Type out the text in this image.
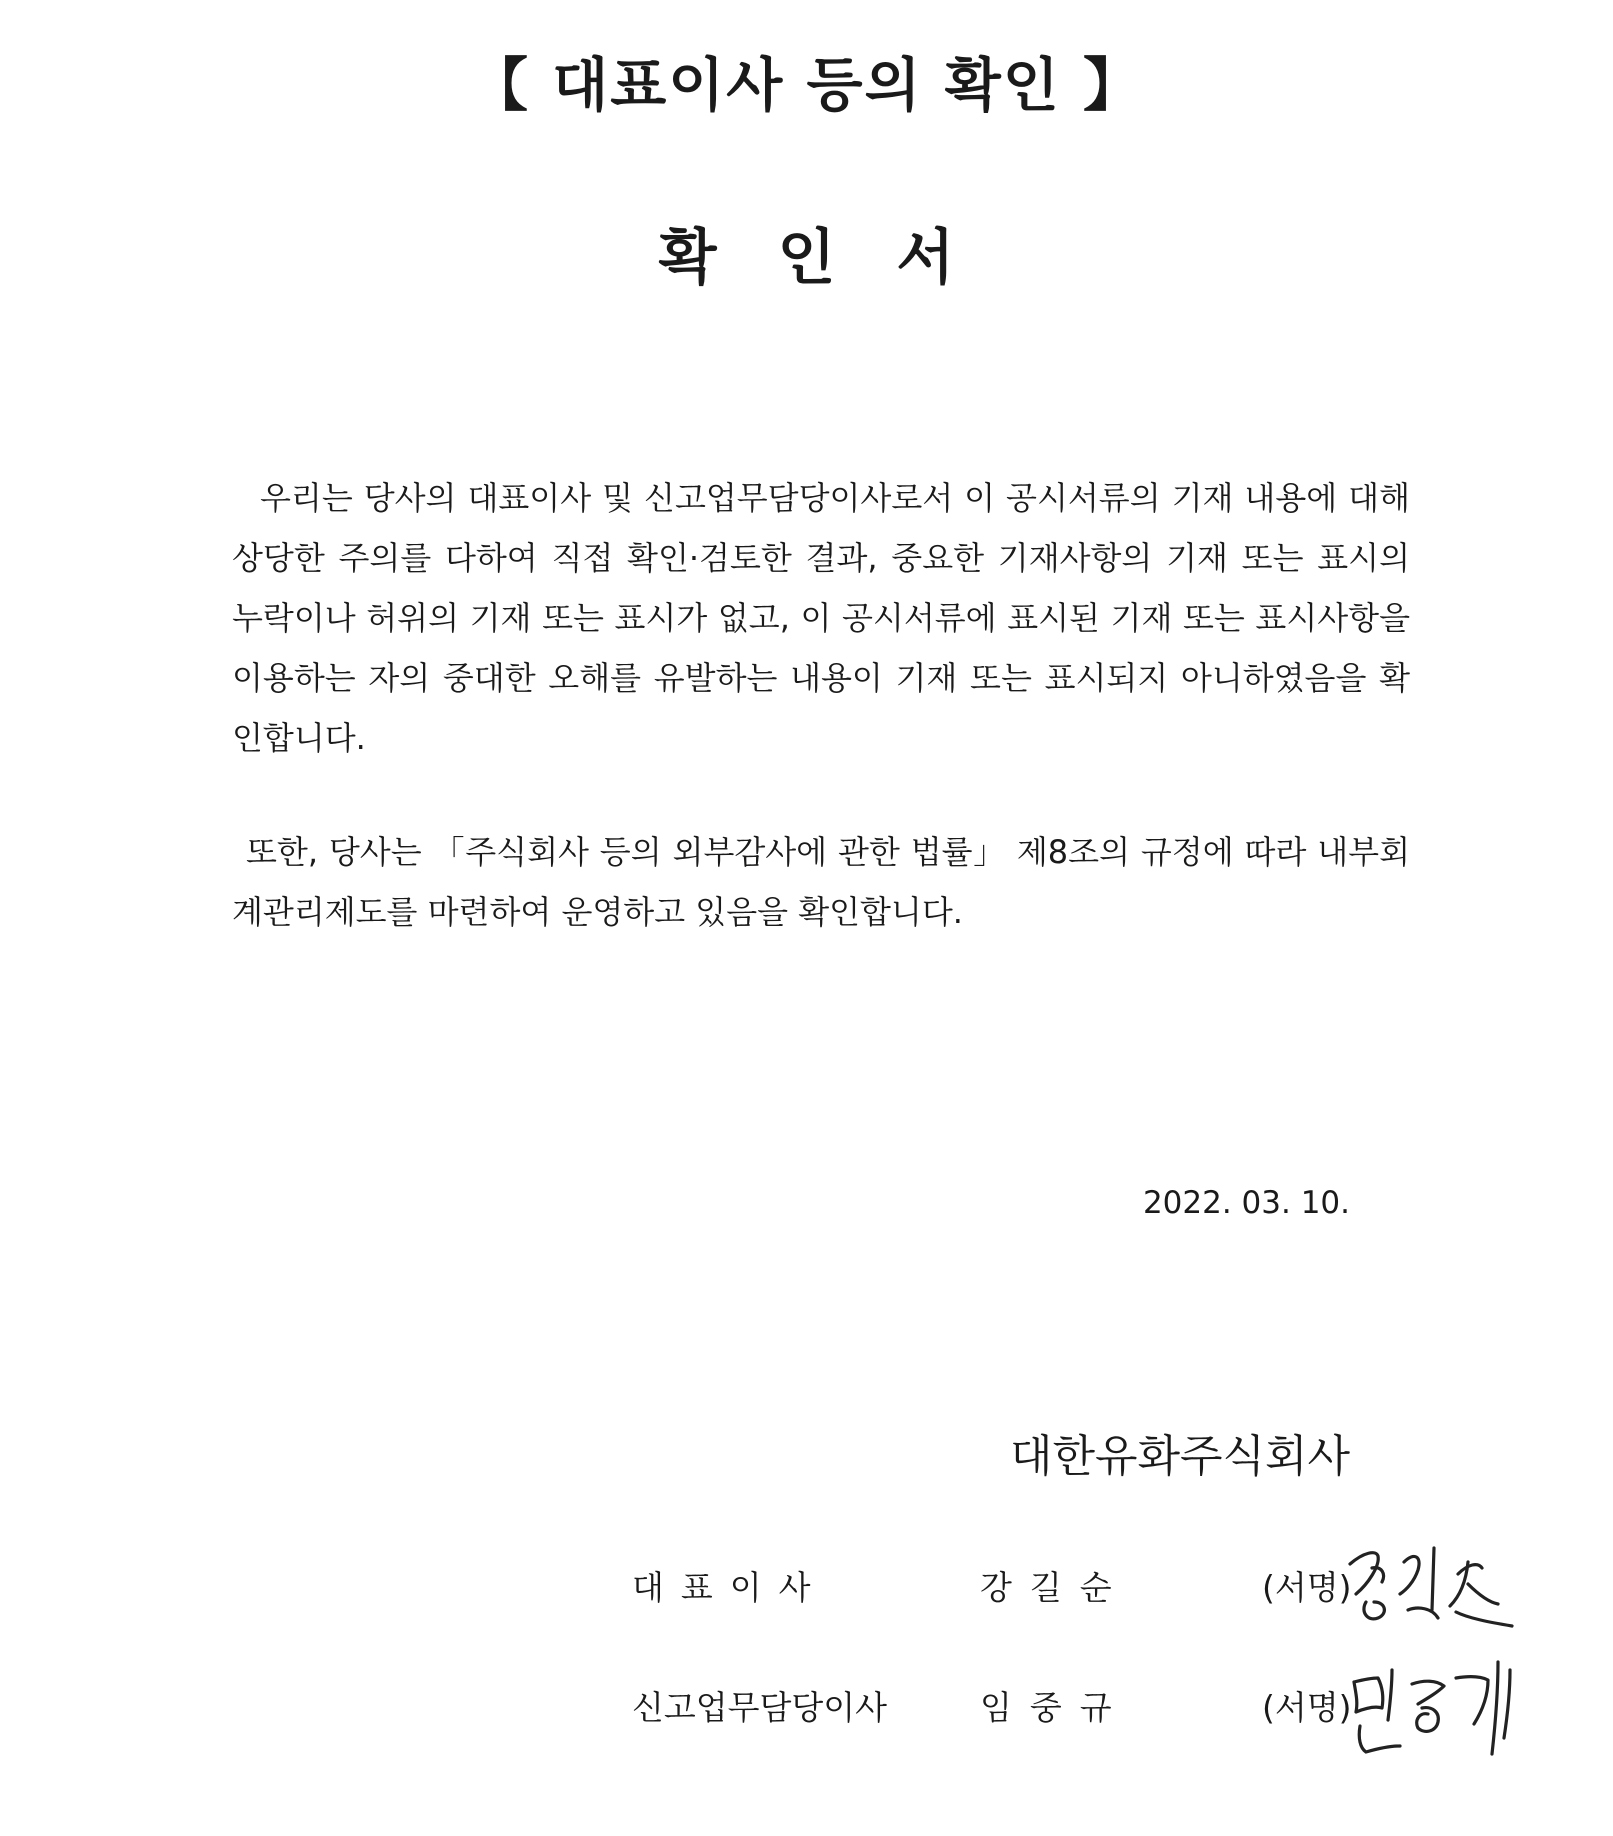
【 대표이사 등의 확인 】
확 인 서

우리는 당사의 대표이사 및 신고업무담당이사로서 이 공시서류의 기재 내용에 대해 상당한 주의를 다하여 직접 확인·검토한 결과, 중요한 기재사항의 기재 또는 표시의 누락이나 허위의 기재 또는 표시가 없고, 이 공시서류에 표시된 기재 또는 표시사항을 이용하는 자의 중대한 오해를 유발하는 내용이 기재 또는 표시되지 아니하였음을 확인합니다.

또한, 당사는 「주식회사 등의 외부감사에 관한 법률」 제8조의 규정에 따라 내부회계관리제도를 마련하여 운영하고 있음을 확인합니다.

2022. 03. 10.

대한유화주식회사

대표이사	강길순	(서명)
신고업무담당이사	임중규	(서명)
